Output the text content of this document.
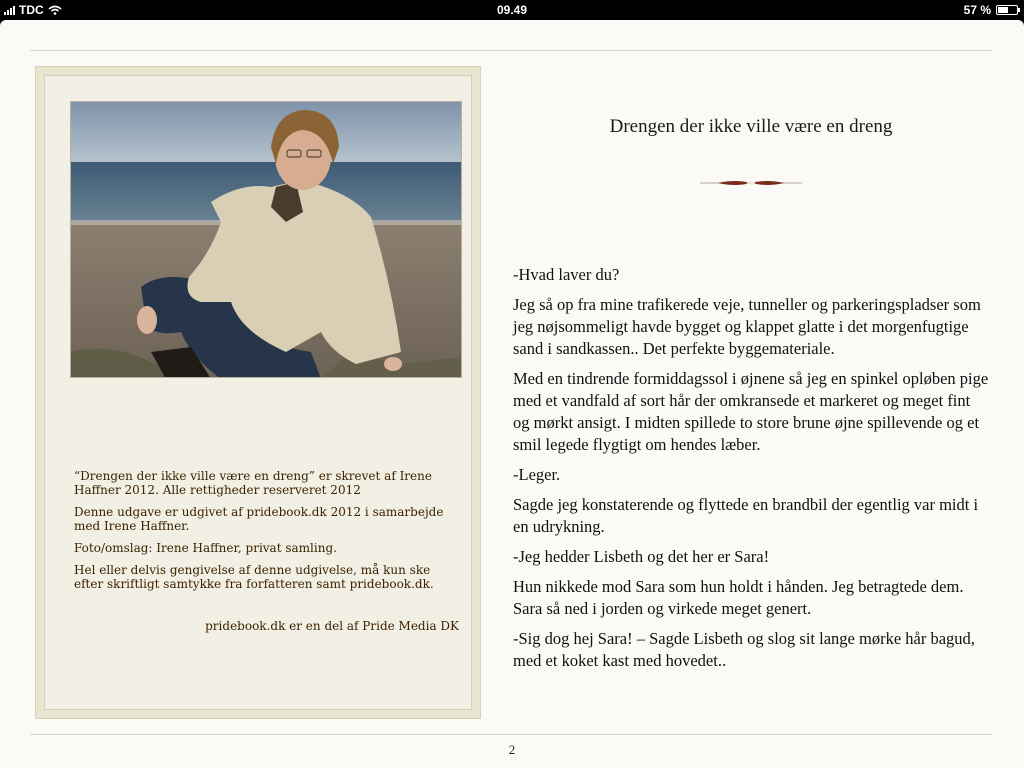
TDC	09.49	57 %

“Drengen der ikke ville være en dreng” er skrevet af Irene Haffner 2012. Alle rettigheder reserveret 2012

Denne udgave er udgivet af pridebook.dk 2012 i samarbejde med Irene Haffner.

Foto/omslag: Irene Haffner, privat samling.

Hel eller delvis gengivelse af denne udgivelse, må kun ske efter skriftligt samtykke fra forfatteren samt pridebook.dk.

pridebook.dk er en del af Pride Media DK

Drengen der ikke ville være en dreng

-Hvad laver du?

Jeg så op fra mine trafikerede veje, tunneller og parkeringspladser som jeg nøjsommeligt havde bygget og klappet glatte i det morgenfugtige sand i sandkassen.. Det perfekte byggemateriale.

Med en tindrende formiddagssol i øjnene så jeg en spinkel opløben pige med et vandfald af sort hår der omkransede et markeret og meget fint og mørkt ansigt. I midten spillede to store brune øjne spillevende og et smil legede flygtigt om hendes læber.

-Leger.

Sagde jeg konstaterende og flyttede en brandbil der egentlig var midt i en udrykning.

-Jeg hedder Lisbeth og det her er Sara!

Hun nikkede mod Sara som hun holdt i hånden. Jeg betragtede dem. Sara så ned i jorden og virkede meget genert.

-Sig dog hej Sara! – Sagde Lisbeth og slog sit lange mørke hår bagud, med et koket kast med hovedet..

2
